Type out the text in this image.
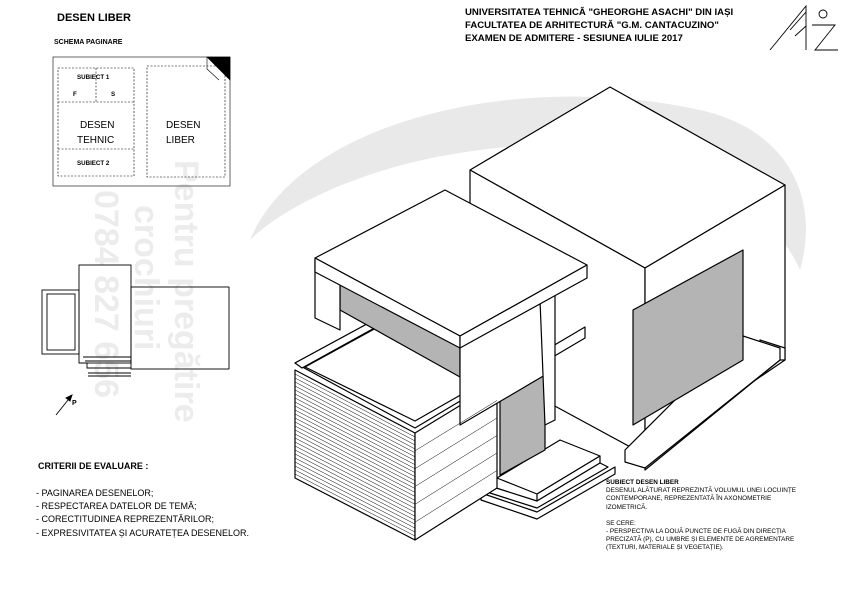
Pentru pregătire
crochiuri
0784 827 656
P
SUBIECT 1
F	S
DESEN
TEHNIC
SUBIECT 2
DESEN
LIBER
DESEN LIBER
SCHEMA PAGINARE
UNIVERSITATEA TEHNICĂ "GHEORGHE ASACHI" DIN IAȘI
FACULTATEA DE ARHITECTURĂ "G.M. CANTACUZINO"
EXAMEN DE ADMITERE - SESIUNEA IULIE 2017
CRITERII DE EVALUARE :
- PAGINAREA DESENELOR;
- RESPECTAREA DATELOR DE TEMĂ;
- CORECTITUDINEA REPREZENTĂRILOR;
- EXPRESIVITATEA ȘI ACURATEȚEA DESENELOR.
SUBIECT DESEN LIBER
DESENUL ALĂTURAT REPREZINTĂ VOLUMUL UNEI LOCUINȚE CONTEMPORANE, REPREZENTATĂ ÎN AXONOMETRIE IZOMETRICĂ.
SE CERE:
- PERSPECTIVA LA DOUĂ PUNCTE DE FUGĂ DIN DIRECȚIA PRECIZATĂ (P), CU UMBRE ȘI ELEMENTE DE AGREMENTARE (TEXTURI, MATERIALE ȘI VEGETAȚIE).
